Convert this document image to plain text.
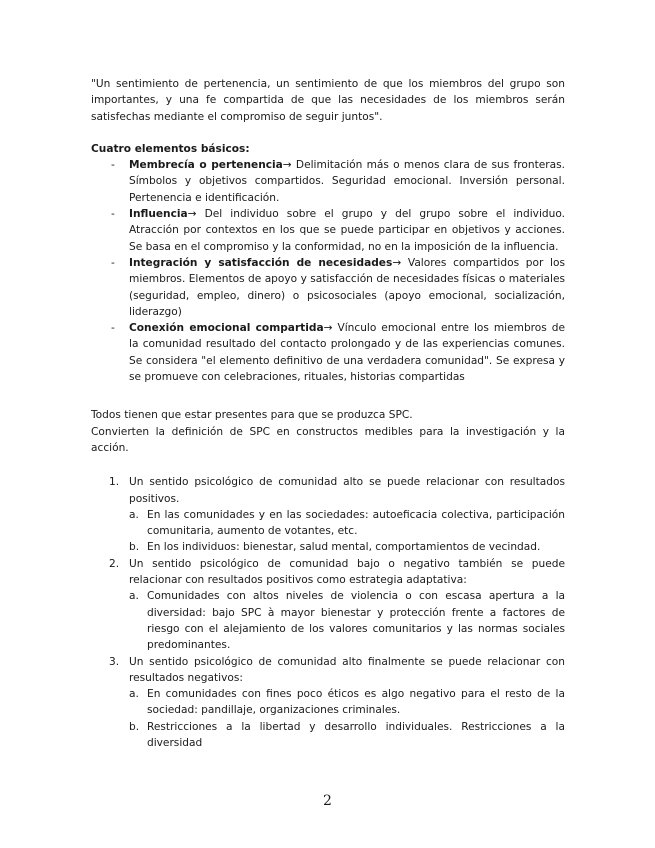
"Un sentimiento de pertenencia, un sentimiento de que los miembros del grupo son importantes, y una fe compartida de que las necesidades de los miembros serán satisfechas mediante el compromiso de seguir juntos".

Cuatro elementos básicos:

- Membrecía o pertenencia→ Delimitación más o menos clara de sus fronteras. Símbolos y objetivos compartidos. Seguridad emocional. Inversión personal. Pertenencia e identificación.
- Influencia→ Del individuo sobre el grupo y del grupo sobre el individuo. Atracción por contextos en los que se puede participar en objetivos y acciones. Se basa en el compromiso y la conformidad, no en la imposición de la influencia.
- Integración y satisfacción de necesidades→ Valores compartidos por los miembros. Elementos de apoyo y satisfacción de necesidades físicas o materiales (seguridad, empleo, dinero) o psicosociales (apoyo emocional, socialización, liderazgo)
- Conexión emocional compartida→ Vínculo emocional entre los miembros de la comunidad resultado del contacto prolongado y de las experiencias comunes. Se considera "el elemento definitivo de una verdadera comunidad". Se expresa y se promueve con celebraciones, rituales, historias compartidas

Todos tienen que estar presentes para que se produzca SPC.

Convierten la definición de SPC en constructos medibles para la investigación y la acción.

1. Un sentido psicológico de comunidad alto se puede relacionar con resultados positivos.
a. En las comunidades y en las sociedades: autoeficacia colectiva, participación comunitaria, aumento de votantes, etc.
b. En los individuos: bienestar, salud mental, comportamientos de vecindad.
2. Un sentido psicológico de comunidad bajo o negativo también se puede relacionar con resultados positivos como estrategia adaptativa:
a. Comunidades con altos niveles de violencia o con escasa apertura a la diversidad: bajo SPC à mayor bienestar y protección frente a factores de riesgo con el alejamiento de los valores comunitarios y las normas sociales predominantes.
3. Un sentido psicológico de comunidad alto finalmente se puede relacionar con resultados negativos:
a. En comunidades con fines poco éticos es algo negativo para el resto de la sociedad: pandillaje, organizaciones criminales.
b. Restricciones a la libertad y desarrollo individuales. Restricciones a la diversidad
2
